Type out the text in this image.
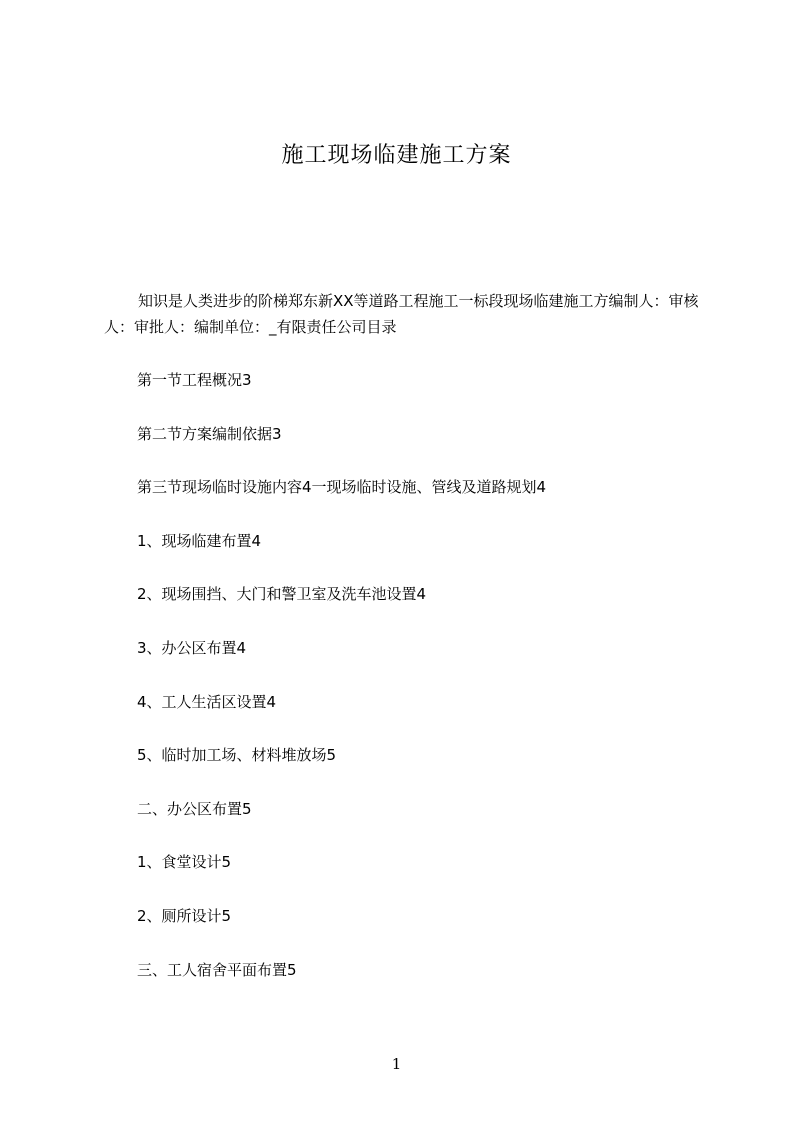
施工现场临建施工方案
知识是人类进步的阶梯郑东新XX等道路工程施工一标段现场临建施工方编制人：审核人：审批人：编制单位：_有限责任公司目录
第一节工程概况3
第二节方案编制依据3
第三节现场临时设施内容4一现场临时设施、管线及道路规划4
1、现场临建布置4
2、现场围挡、大门和警卫室及洗车池设置4
3、办公区布置4
4、工人生活区设置4
5、临时加工场、材料堆放场5
二、办公区布置5
1、食堂设计5
2、厕所设计5
三、工人宿舍平面布置5
1
